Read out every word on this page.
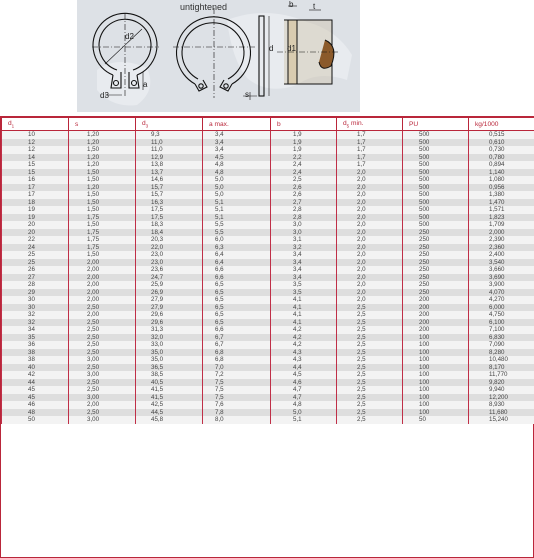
untightened
d3
a
d2
s
d d1
b t
$d_1$	s	$d_3$	a max.	b	$d_5$ min.	PU	kg/1000
10	1,20	9,3	3,4	1,9	1,7	500	0,515
12	1,20	11,0	3,4	1,9	1,7	500	0,610
12	1,50	11,0	3,4	1,9	1,7	500	0,730
14	1,20	12,9	4,5	2,2	1,7	500	0,780
15	1,20	13,8	4,8	2,4	1,7	500	0,894
15	1,50	13,7	4,8	2,4	2,0	500	1,140
16	1,50	14,6	5,0	2,5	2,0	500	1,080
17	1,20	15,7	5,0	2,6	2,0	500	0,956
17	1,50	15,7	5,0	2,6	2,0	500	1,380
18	1,50	16,3	5,1	2,7	2,0	500	1,470
19	1,50	17,5	5,1	2,8	2,0	500	1,571
19	1,75	17,5	5,1	2,8	2,0	500	1,823
20	1,50	18,3	5,5	3,0	2,0	500	1,709
20	1,75	18,4	5,5	3,0	2,0	250	2,000
22	1,75	20,3	6,0	3,1	2,0	250	2,390
24	1,75	22,0	6,3	3,2	2,0	250	2,360
25	1,50	23,0	6,4	3,4	2,0	250	2,400
25	2,00	23,0	6,4	3,4	2,0	250	3,540
26	2,00	23,6	6,6	3,4	2,0	250	3,660
27	2,00	24,7	6,6	3,4	2,0	250	3,690
28	2,00	25,9	6,5	3,5	2,0	250	3,900
29	2,00	26,9	6,5	3,5	2,0	250	4,070
30	2,00	27,9	6,5	4,1	2,0	200	4,270
30	2,50	27,9	6,5	4,1	2,5	200	6,000
32	2,00	29,6	6,5	4,1	2,5	200	4,750
32	2,50	29,6	6,5	4,1	2,5	200	6,100
34	2,50	31,3	6,6	4,2	2,5	200	7,100
35	2,50	32,0	6,7	4,2	2,5	100	6,830
36	2,50	33,0	6,7	4,2	2,5	100	7,090
38	2,50	35,0	6,8	4,3	2,5	100	8,280
38	3,00	35,0	6,8	4,3	2,5	100	10,480
40	2,50	36,5	7,0	4,4	2,5	100	8,170
42	3,00	38,5	7,2	4,5	2,5	100	11,770
44	2,50	40,5	7,5	4,6	2,5	100	9,820
45	2,50	41,5	7,5	4,7	2,5	100	9,940
45	3,00	41,5	7,5	4,7	2,5	100	12,200
46	2,00	42,5	7,6	4,8	2,5	100	8,930
48	2,50	44,5	7,8	5,0	2,5	100	11,680
50	3,00	45,8	8,0	5,1	2,5	50	15,240
